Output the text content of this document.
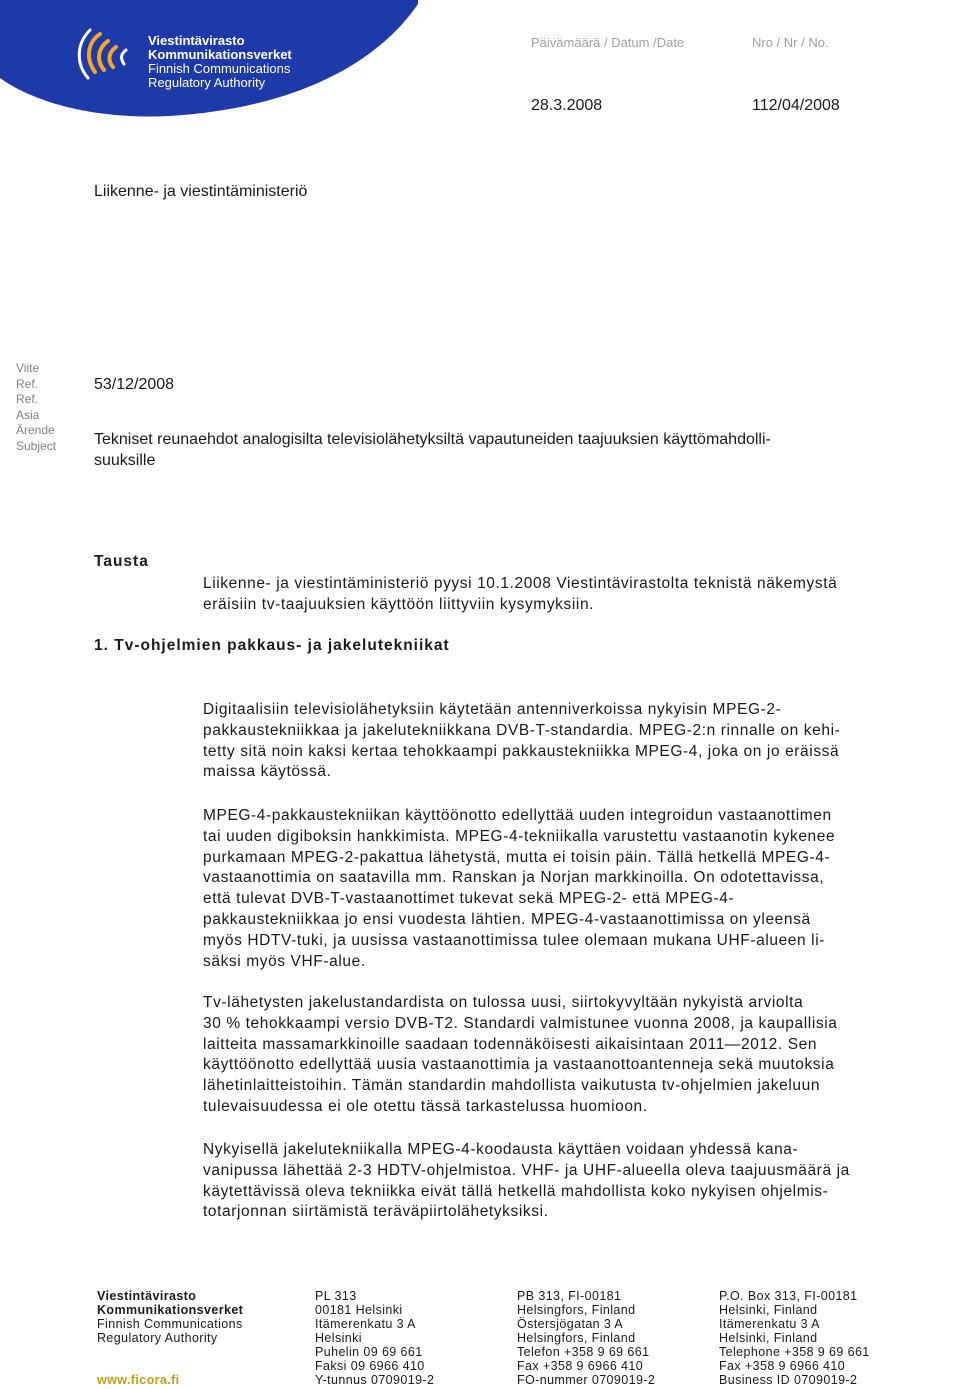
Viestintävirasto
Kommunikationsverket
Finnish Communications
Regulatory Authority
Päivämäärä / Datum /Date	Nro / Nr / No.
28.3.2008	112/04/2008
Liikenne- ja viestintäministeriö
Viite
Ref.
Ref.
Asia
Ärende
Subject
53/12/2008
Tekniset reunaehdot analogisilta televisiolähetyksiltä vapautuneiden taajuuksien käyttömahdolli-
suuksille
Tausta
Liikenne- ja viestintäministeriö pyysi 10.1.2008 Viestintävirastolta teknistä näkemystä
eräisiin tv-taajuuksien käyttöön liittyviin kysymyksiin.
1. Tv-ohjelmien pakkaus- ja jakelutekniikat
Digitaalisiin televisiolähetyksiin käytetään antenniverkoissa nykyisin MPEG-2-
pakkaustekniikkaa ja jakelutekniikkana DVB-T-standardia. MPEG-2:n rinnalle on kehi-
tetty sitä noin kaksi kertaa tehokkaampi pakkaustekniikka MPEG-4, joka on jo eräissä
maissa käytössä.
MPEG-4-pakkaustekniikan käyttöönotto edellyttää uuden integroidun vastaanottimen
tai uuden digiboksin hankkimista. MPEG-4-tekniikalla varustettu vastaanotin kykenee
purkamaan MPEG-2-pakattua lähetystä, mutta ei toisin päin. Tällä hetkellä MPEG-4-
vastaanottimia on saatavilla mm. Ranskan ja Norjan markkinoilla. On odotettavissa,
että tulevat DVB-T-vastaanottimet tukevat sekä MPEG-2- että MPEG-4-
pakkaustekniikkaa jo ensi vuodesta lähtien. MPEG-4-vastaanottimissa on yleensä
myös HDTV-tuki, ja uusissa vastaanottimissa tulee olemaan mukana UHF-alueen li-
säksi myös VHF-alue.
Tv-lähetysten jakelustandardista on tulossa uusi, siirtokyvyltään nykyistä arviolta
30 % tehokkaampi versio DVB-T2. Standardi valmistunee vuonna 2008, ja kaupallisia
laitteita massamarkkinoille saadaan todennäköisesti aikaisintaan 2011—2012. Sen
käyttöönotto edellyttää uusia vastaanottimia ja vastaanottoantenneja sekä muutoksia
lähetinlaitteistoihin. Tämän standardin mahdollista vaikutusta tv-ohjelmien jakeluun
tulevaisuudessa ei ole otettu tässä tarkastelussa huomioon.
Nykyisellä jakelutekniikalla MPEG-4-koodausta käyttäen voidaan yhdessä kana-
vanipussa lähettää 2-3 HDTV-ohjelmistoa. VHF- ja UHF-alueella oleva taajuusmäärä ja
käytettävissä oleva tekniikka eivät tällä hetkellä mahdollista koko nykyisen ohjelmis-
totarjonnan siirtämistä teräväpiirtolähetyksiksi.
Viestintävirasto
Kommunikationsverket
Finnish Communications
Regulatory Authority
www.ficora.fi
PL 313
00181 Helsinki
Itämerenkatu 3 A
Helsinki
Puhelin 09 69 661
Faksi 09 6966 410
Y-tunnus 0709019-2
PB 313, FI-00181
Helsingfors, Finland
Östersjögatan 3 A
Helsingfors, Finland
Telefon +358 9 69 661
Fax +358 9 6966 410
FO-nummer 0709019-2
P.O. Box 313, FI-00181
Helsinki, Finland
Itämerenkatu 3 A
Helsinki, Finland
Telephone +358 9 69 661
Fax +358 9 6966 410
Business ID 0709019-2
